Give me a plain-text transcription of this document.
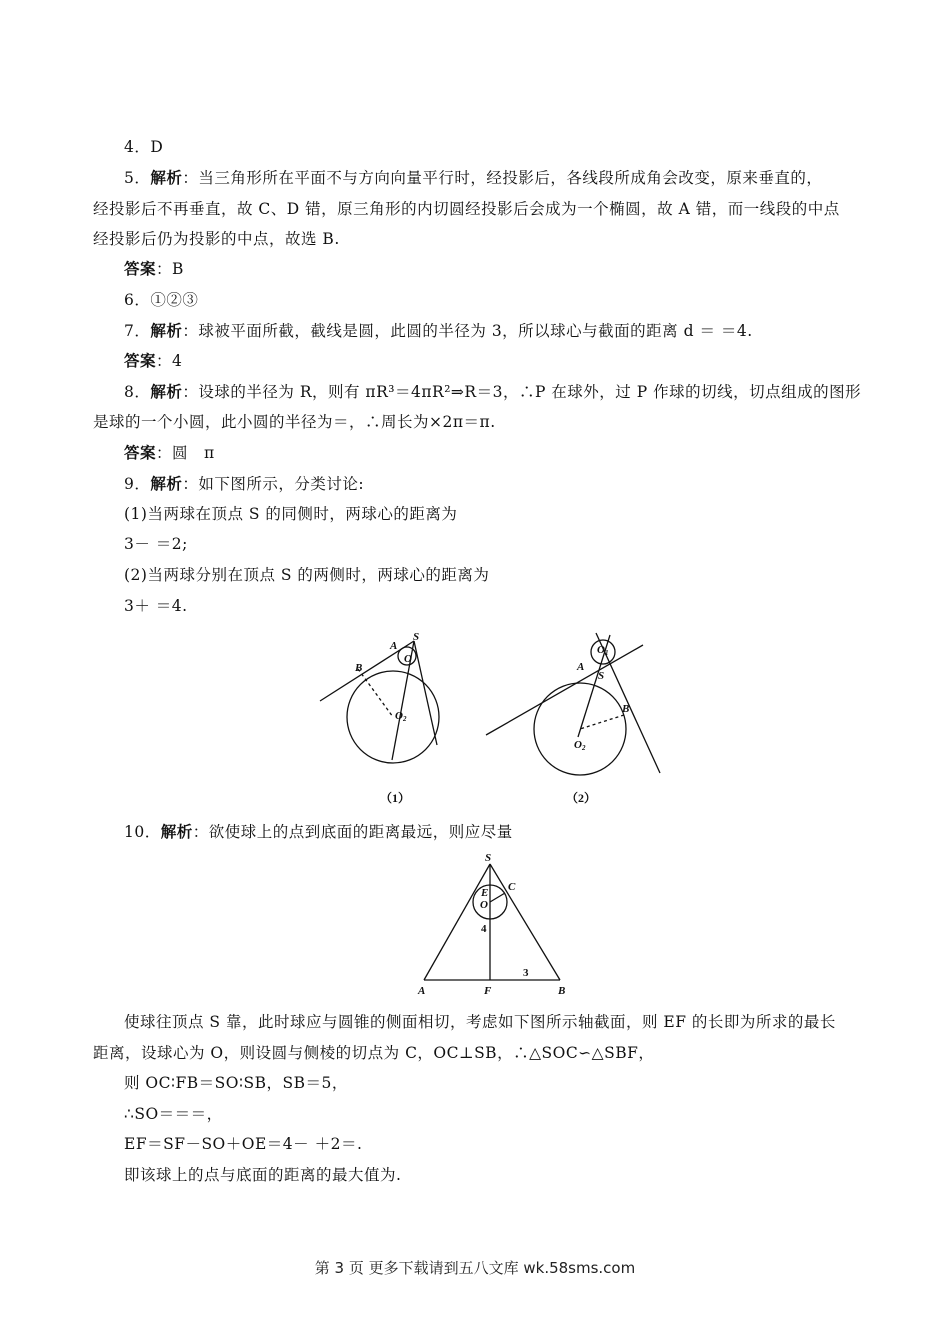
4．D
5．解析：当三角形所在平面不与方向向量平行时，经投影后，各线段所成角会改变，原来垂直的，
经投影后不再垂直，故 C、D 错，原三角形的内切圆经投影后会成为一个椭圆，故 A 错，而一线段的中点
经投影后仍为投影的中点，故选 B.
答案：B
6．①②③
7．解析：球被平面所截，截线是圆，此圆的半径为 3，所以球心与截面的距离 d ＝ ＝4.
答案：4
8．解析：设球的半径为 R，则有 πR³＝4πR²⇒R＝3，∴P 在球外，过 P 作球的切线，切点组成的图形
是球的一个小圆，此小圆的半径为＝，∴周长为×2π＝π.
答案：圆　π
9．解析：如下图所示，分类讨论:
(1)当两球在顶点 S 的同侧时，两球心的距离为
3－ ＝2;
(2)当两球分别在顶点 S 的两侧时，两球心的距离为
3＋ ＝4.
A
S
B
O
O2
O1
A
S
B
O2
（1）	（2）
10．解析：欲使球上的点到底面的距离最远，则应尽量
S
E C
O
A	F	B
4
3
使球往顶点 S 靠，此时球应与圆锥的侧面相切，考虑如下图所示轴截面，则 EF 的长即为所求的最长
距离，设球心为 O，则设圆与侧棱的切点为 C，OC⊥SB，∴△SOC∽△SBF，
则 OC∶FB＝SO∶SB，SB＝5，
∴SO＝＝＝，
EF＝SF－SO＋OE＝4－ ＋2＝.
即该球上的点与底面的距离的最大值为.
第 3 页 更多下载请到五八文库 wk.58sms.com
